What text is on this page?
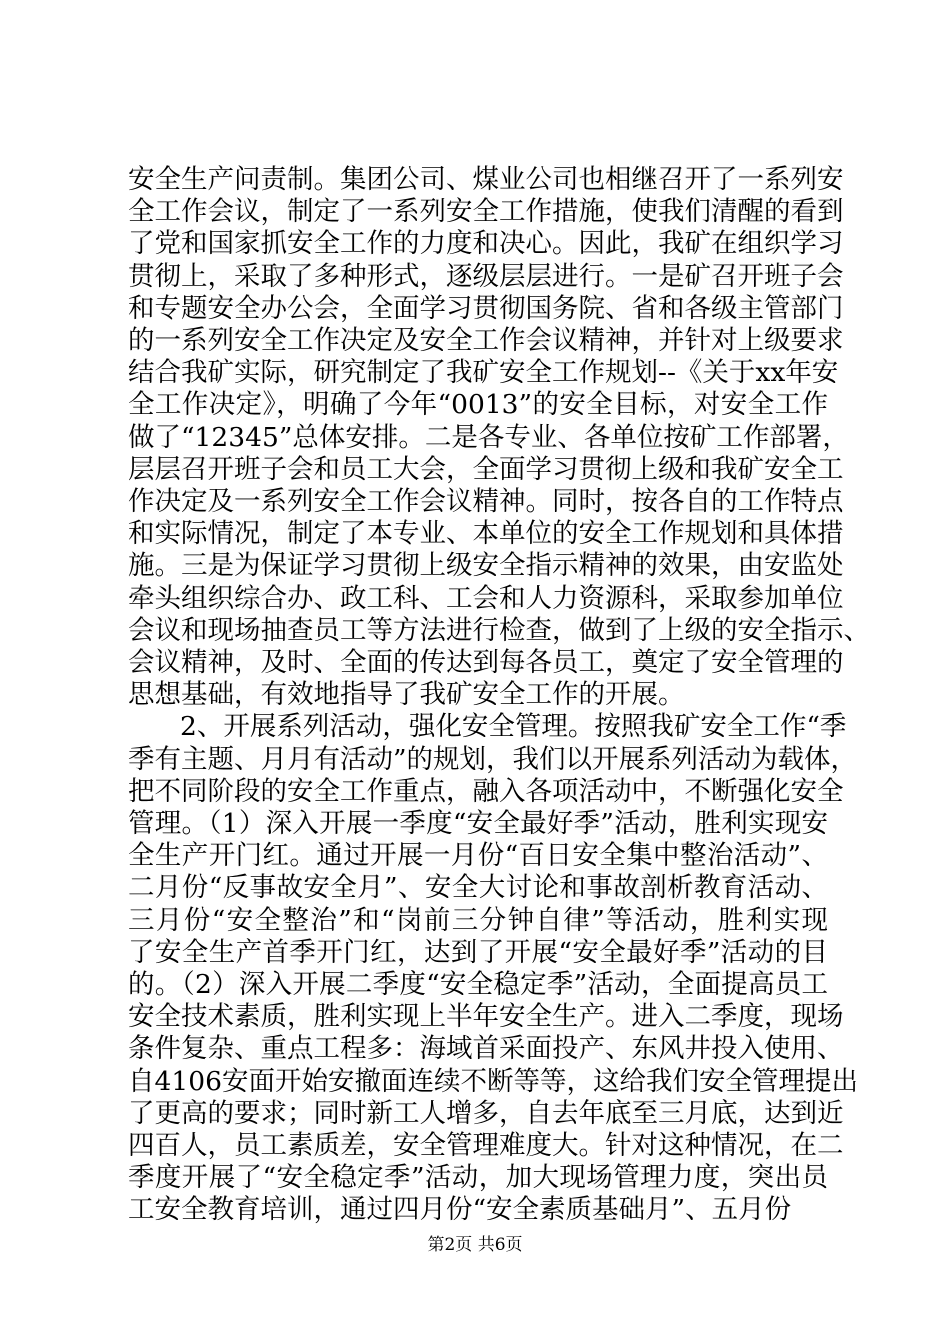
安全生产问责制。集团公司、煤业公司也相继召开了一系列安
全工作会议，制定了一系列安全工作措施，使我们清醒的看到
了党和国家抓安全工作的力度和决心。因此，我矿在组织学习
贯彻上，采取了多种形式，逐级层层进行。一是矿召开班子会
和专题安全办公会，全面学习贯彻国务院、省和各级主管部门
的一系列安全工作决定及安全工作会议精神，并针对上级要求
结合我矿实际，研究制定了我矿安全工作规划--《关于xx年安
全工作决定》，明确了今年“0013”的安全目标，对安全工作
做了“12345”总体安排。二是各专业、各单位按矿工作部署，
层层召开班子会和员工大会，全面学习贯彻上级和我矿安全工
作决定及一系列安全工作会议精神。同时，按各自的工作特点
和实际情况，制定了本专业、本单位的安全工作规划和具体措
施。三是为保证学习贯彻上级安全指示精神的效果，由安监处
牵头组织综合办、政工科、工会和人力资源科，采取参加单位
会议和现场抽查员工等方法进行检查，做到了上级的安全指示、
会议精神，及时、全面的传达到每各员工，奠定了安全管理的
思想基础，有效地指导了我矿安全工作的开展。
2、开展系列活动，强化安全管理。按照我矿安全工作“季
季有主题、月月有活动”的规划，我们以开展系列活动为载体，
把不同阶段的安全工作重点，融入各项活动中，不断强化安全
管理。（1）深入开展一季度“安全最好季”活动，胜利实现安
全生产开门红。通过开展一月份“百日安全集中整治活动”、
二月份“反事故安全月”、安全大讨论和事故剖析教育活动、
三月份“安全整治”和“岗前三分钟自律”等活动，胜利实现
了安全生产首季开门红，达到了开展“安全最好季”活动的目
的。（2）深入开展二季度“安全稳定季”活动，全面提高员工
安全技术素质，胜利实现上半年安全生产。进入二季度，现场
条件复杂、重点工程多：海域首采面投产、东风井投入使用、
自4106安面开始安撤面连续不断等等，这给我们安全管理提出
了更高的要求；同时新工人增多，自去年底至三月底，达到近
四百人，员工素质差，安全管理难度大。针对这种情况，在二
季度开展了“安全稳定季”活动，加大现场管理力度，突出员
工安全教育培训，通过四月份“安全素质基础月”、五月份
第2页 共6页
